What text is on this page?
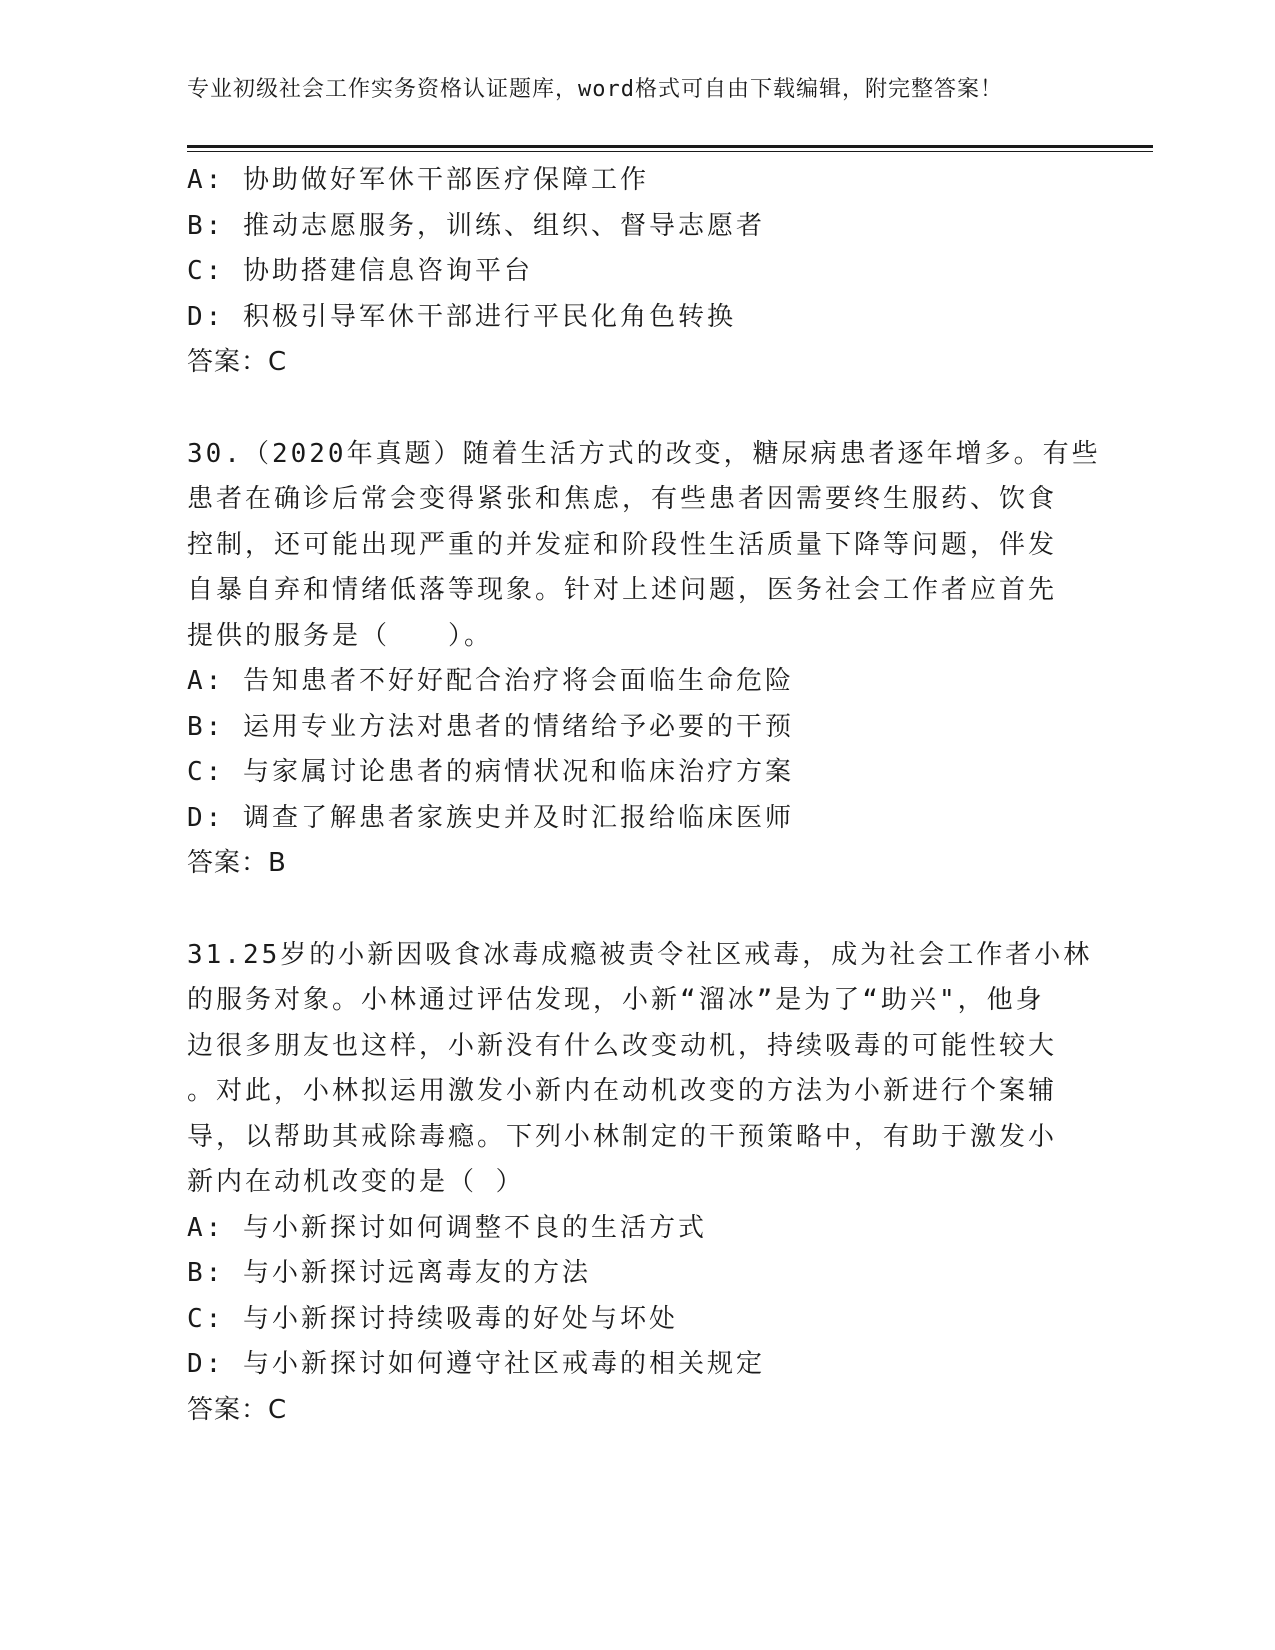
专业初级社会工作实务资格认证题库，word格式可自由下载编辑，附完整答案！
A: 协助做好军休干部医疗保障工作
B: 推动志愿服务，训练、组织、督导志愿者
C: 协助搭建信息咨询平台
D: 积极引导军休干部进行平民化角色转换
答案：C
30.（2020年真题）随着生活方式的改变，糖尿病患者逐年增多。有些
患者在确诊后常会变得紧张和焦虑，有些患者因需要终生服药、饮食
控制，还可能出现严重的并发症和阶段性生活质量下降等问题，伴发
自暴自弃和情绪低落等现象。针对上述问题，医务社会工作者应首先
提供的服务是（　　）。
A: 告知患者不好好配合治疗将会面临生命危险
B: 运用专业方法对患者的情绪给予必要的干预
C: 与家属讨论患者的病情状况和临床治疗方案
D: 调查了解患者家族史并及时汇报给临床医师
答案：B
31.25岁的小新因吸食冰毒成瘾被责令社区戒毒，成为社会工作者小林
的服务对象。小林通过评估发现，小新“溜冰”是为了“助兴"，他身
边很多朋友也这样，小新没有什么改变动机，持续吸毒的可能性较大
。对此，小林拟运用激发小新内在动机改变的方法为小新进行个案辅
导，以帮助其戒除毒瘾。下列小林制定的干预策略中，有助于激发小
新内在动机改变的是（ ）
A: 与小新探讨如何调整不良的生活方式
B: 与小新探讨远离毒友的方法
C: 与小新探讨持续吸毒的好处与坏处
D: 与小新探讨如何遵守社区戒毒的相关规定
答案：C
